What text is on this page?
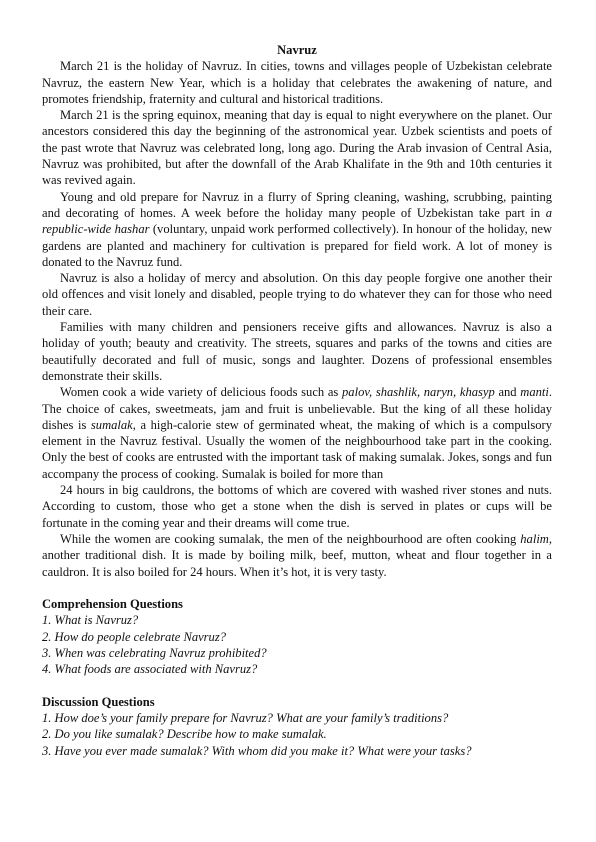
Navruz

March 21 is the holiday of Navruz. In cities, towns and villages people of Uzbekistan celebrate Navruz, the eastern New Year, which is a holiday that celebrates the awakening of nature, and promotes friendship, fraternity and cultural and historical traditions.

March 21 is the spring equinox, meaning that day is equal to night everywhere on the planet. Our ancestors considered this day the beginning of the astronomical year. Uzbek scientists and poets of the past wrote that Navruz was celebrated long, long ago. During the Arab invasion of Central Asia, Navruz was prohibited, but after the downfall of the Arab Khalifate in the 9th and 10th centuries it was revived again.

Young and old prepare for Navruz in a flurry of Spring cleaning, washing, scrubbing, painting and decorating of homes. A week before the holiday many people of Uzbekistan take part in a republic-wide hashar (voluntary, unpaid work performed collectively). In honour of the holiday, new gardens are planted and machinery for cultivation is prepared for field work. A lot of money is donated to the Navruz fund.

Navruz is also a holiday of mercy and absolution. On this day people forgive one another their old offences and visit lonely and disabled, people trying to do whatever they can for those who need their care.

Families with many children and pensioners receive gifts and allowances. Navruz is also a holiday of youth; beauty and creativity. The streets, squares and parks of the towns and cities are beautifully decorated and full of music, songs and laughter. Dozens of professional ensembles demonstrate their skills.

Women cook a wide variety of delicious foods such as palov, shashlik, naryn, khasyp and manti. The choice of cakes, sweetmeats, jam and fruit is unbelievable. But the king of all these holiday dishes is sumalak, a high-calorie stew of germinated wheat, the making of which is a compulsory element in the Navruz festival. Usually the women of the neighbourhood take part in the cooking. Only the best of cooks are entrusted with the important task of making sumalak. Jokes, songs and fun accompany the process of cooking. Sumalak is boiled for more than

24 hours in big cauldrons, the bottoms of which are covered with washed river stones and nuts. According to custom, those who get a stone when the dish is served in plates or cups will be fortunate in the coming year and their dreams will come true.

While the women are cooking sumalak, the men of the neighbourhood are often cooking halim, another traditional dish. It is made by boiling milk, beef, mutton, wheat and flour together in a cauldron. It is also boiled for 24 hours. When it’s hot, it is very tasty.

Comprehension Questions
1. What is Navruz?
2. How do people celebrate Navruz?
3. When was celebrating Navruz prohibited?
4. What foods are associated with Navruz?
Discussion Questions
1. How doe’s your family prepare for Navruz? What are your family’s traditions?
2. Do you like sumalak? Describe how to make sumalak.
3. Have you ever made sumalak? With whom did you make it? What were your tasks?
